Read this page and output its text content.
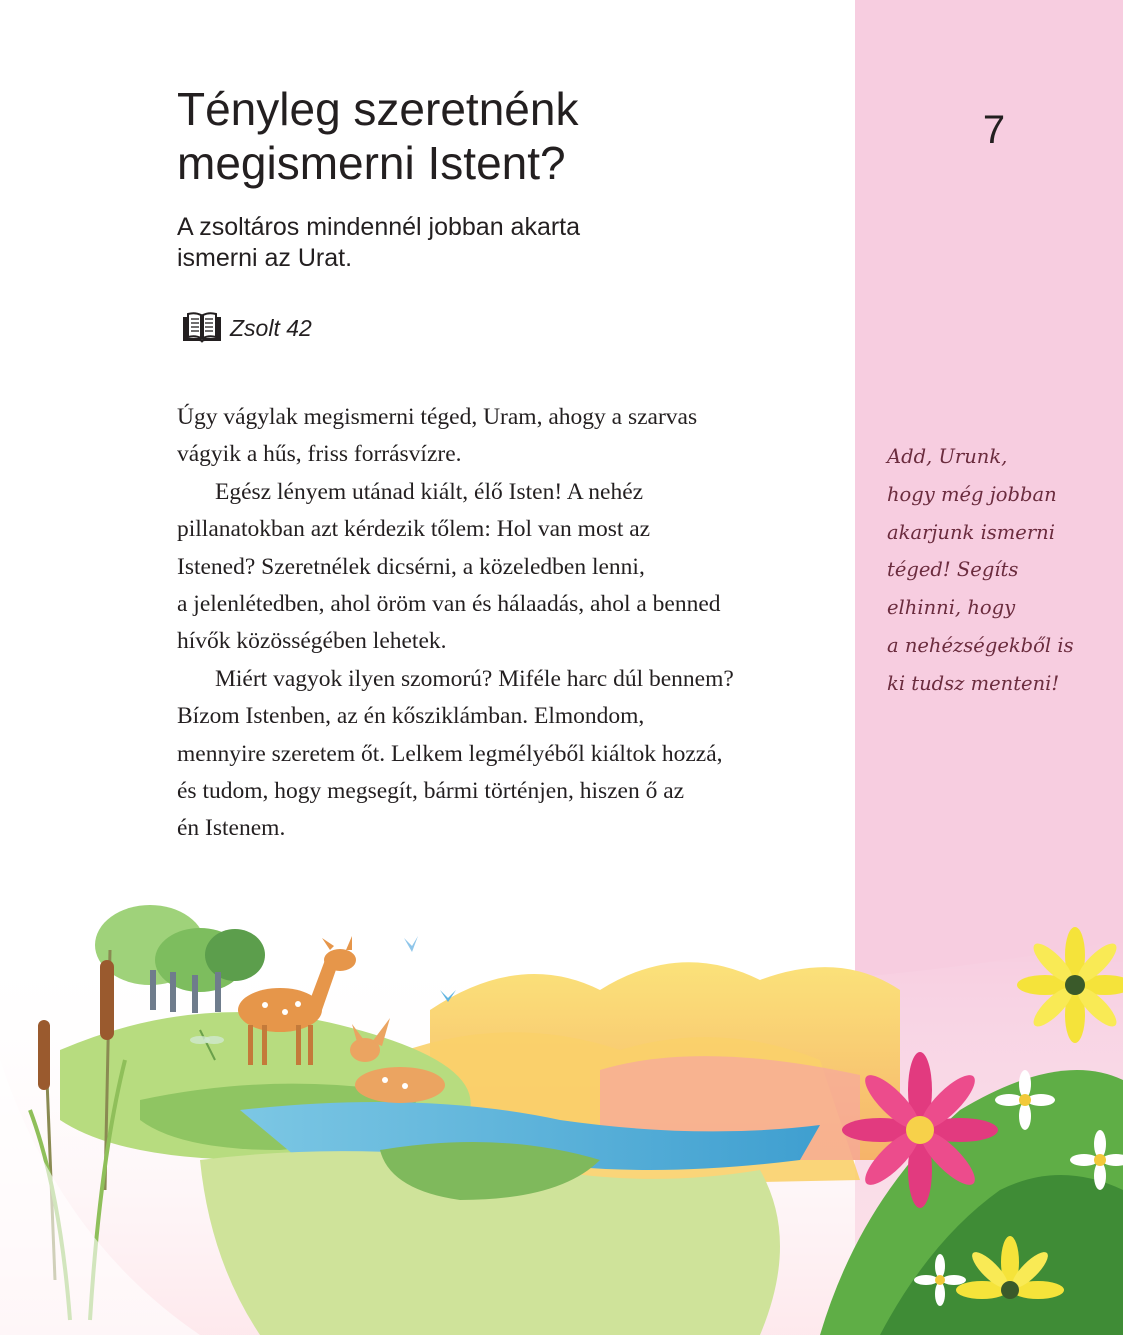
7
Tényleg szeretnénk
megismerni Istent?
A zsoltáros mindennél jobban akarta
ismerni az Urat.
Zsolt 42
Úgy vágylak megismerni téged, Uram, ahogy a szarvas
vágyik a hűs, friss forrásvízre.
Egész lényem utánad kiált, élő Isten! A nehéz
pillanatokban azt kérdezik tőlem: Hol van most az
Istened? Szeretnélek dicsérni, a közeledben lenni,
a jelenlétedben, ahol öröm van és hálaadás, ahol a benned
hívők közösségében lehetek.
Miért vagyok ilyen szomorú? Miféle harc dúl bennem?
Bízom Istenben, az én kősziklámban. Elmondom,
mennyire szeretem őt. Lelkem legmélyéből kiáltok hozzá,
és tudom, hogy megsegít, bármi történjen, hiszen ő az
én Istenem.
Add, Urunk,
hogy még jobban
akarjunk ismerni
téged! Segíts
elhinni, hogy
a nehézségekből is
ki tudsz menteni!
